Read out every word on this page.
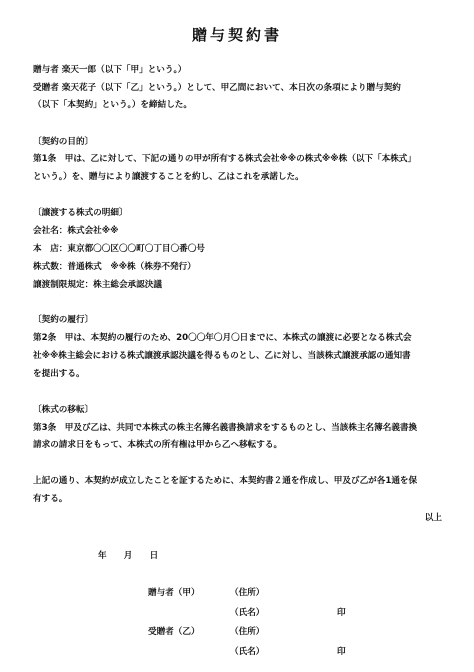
贈与契約書
贈与者 楽天一郎（以下「甲」という。）
受贈者 楽天花子（以下「乙」という。）として、甲乙間において、本日次の条項により贈与契約
（以下「本契約」という。）を締結した。
〔契約の目的〕
第1条　甲は、乙に対して、下記の通りの甲が所有する株式会社※※の株式※※株（以下「本株式」
という。）を、贈与により譲渡することを約し、乙はこれを承諾した。
〔譲渡する株式の明細〕
会社名：株式会社※※
本　店：東京都〇〇区〇〇町〇丁目〇番〇号
株式数：普通株式　※※株（株券不発行）
譲渡制限規定：株主総会承認決議
〔契約の履行〕
第2条　甲は、本契約の履行のため、20〇〇年〇月〇日までに、本株式の譲渡に必要となる株式会
社※※株主総会における株式譲渡承認決議を得るものとし、乙に対し、当該株式譲渡承認の通知書
を提出する。
〔株式の移転〕
第3条　甲及び乙は、共同で本株式の株主名簿名義書換請求をするものとし、当該株主名簿名義書換
請求の請求日をもって、本株式の所有権は甲から乙へ移転する。
上記の通り、本契約が成立したことを証するために、本契約書２通を作成し、甲及び乙が各1通を保
有する。
以上
年　　月　　日
贈与者（甲）	（住所）
（氏名）	印
受贈者（乙）	（住所）
（氏名）	印
